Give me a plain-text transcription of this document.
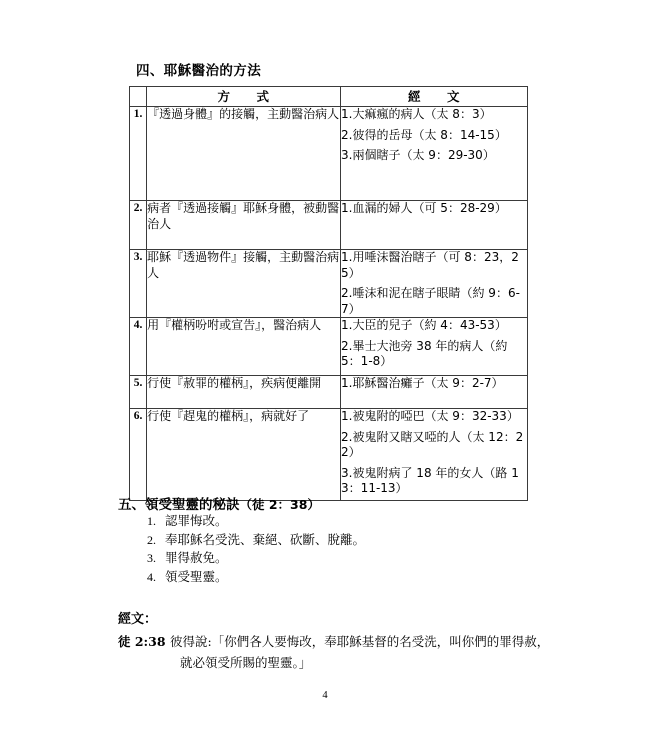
四、耶穌醫治的方法
	方　　式	經　　文
1.	『透過身體』的接觸，主動醫治病人	1.大痲瘋的病人（太 8：3）
2.彼得的岳母（太 8：14-15）
3.兩個瞎子（太 9：29-30）

2.	病者『透過接觸』耶穌身體，被動醫治人	1.血漏的婦人（可 5：28-29）

3.	耶穌『透過物件』接觸，主動醫治病人	1.用唾沫醫治瞎子（可 8：23，25）
2.唾沫和泥在瞎子眼睛（約 9：6-7）

4.	用『權柄吩咐或宣告』，醫治病人	1.大臣的兒子（約 4：43-53）
2.畢士大池旁 38 年的病人（約 5：1-8）

5.	行使『赦罪的權柄』，疾病便離開	1.耶穌醫治癱子（太 9：2-7）

6.	行使『趕鬼的權柄』，病就好了	1.被鬼附的啞巴（太 9：32-33）
2.被鬼附又瞎又啞的人（太 12：22）
3.被鬼附病了 18 年的女人（路 13：11-13）
五、領受聖靈的秘訣（徒 2：38）
1. 認罪悔改。
2. 奉耶穌名受洗、棄絕、砍斷、脫離。
3. 罪得赦免。
4. 領受聖靈。
經文：
徒 2:38 彼得說:「你們各人要悔改，奉耶穌基督的名受洗，叫你們的罪得赦，
就必領受所賜的聖靈。」
4
